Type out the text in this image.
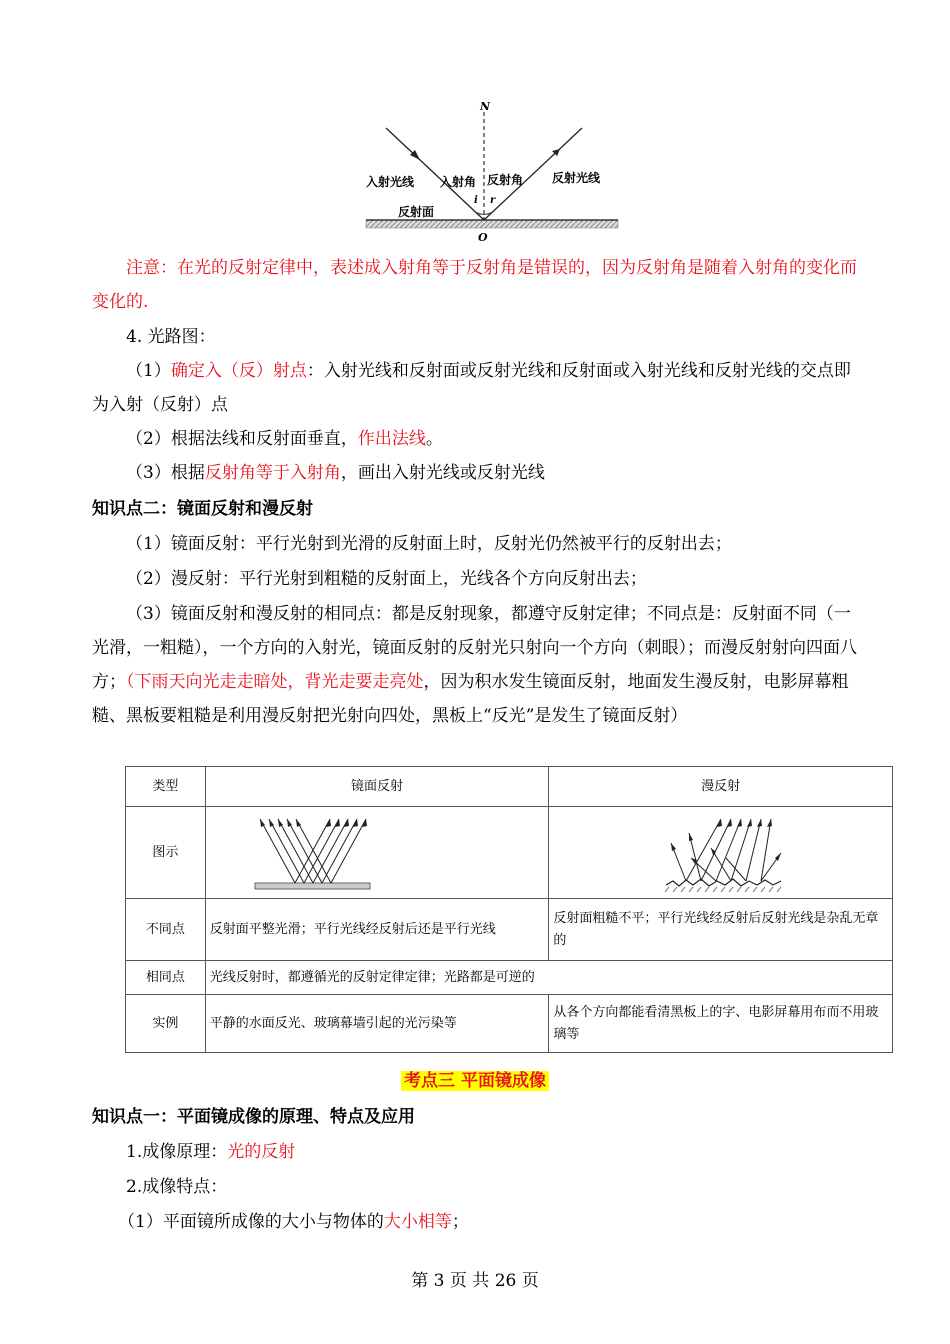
N
O
入射光线 入射角 反射角 反射光线
反射面
i r

注意：在光的反射定律中，表述成入射角等于反射角是错误的，因为反射角是随着入射角的变化而变化的.

4. 光路图：

（1）确定入（反）射点：入射光线和反射面或反射光线和反射面或入射光线和反射光线的交点即为入射（反射）点

（2）根据法线和反射面垂直，作出法线。

（3）根据反射角等于入射角，画出入射光线或反射光线

知识点二：镜面反射和漫反射

（1）镜面反射：平行光射到光滑的反射面上时，反射光仍然被平行的反射出去；

（2）漫反射：平行光射到粗糙的反射面上，光线各个方向反射出去；

（3）镜面反射和漫反射的相同点：都是反射现象，都遵守反射定律；不同点是：反射面不同（一光滑，一粗糙），一个方向的入射光，镜面反射的反射光只射向一个方向（刺眼）；而漫反射射向四面八方；（下雨天向光走走暗处，背光走要走亮处，因为积水发生镜面反射，地面发生漫反射，电影屏幕粗糙、黑板要粗糙是利用漫反射把光射向四处，黑板上“反光”是发生了镜面反射）

类型	镜面反射	漫反射
图示	

不同点	反射面平整光滑；平行光线经反射后还是平行光线	反射面粗糙不平；平行光线经反射后反射光线是杂乱无章的
相同点	光线反射时，都遵循光的反射定律定律；光路都是可逆的	
实例	平静的水面反光、玻璃幕墙引起的光污染等	从各个方向都能看清黑板上的字、电影屏幕用布而不用玻璃等
考点三 平面镜成像

知识点一：平面镜成像的原理、特点及应用

1.成像原理：光的反射

2.成像特点：

（1）平面镜所成像的大小与物体的大小相等；

第 3 页 共 26 页
